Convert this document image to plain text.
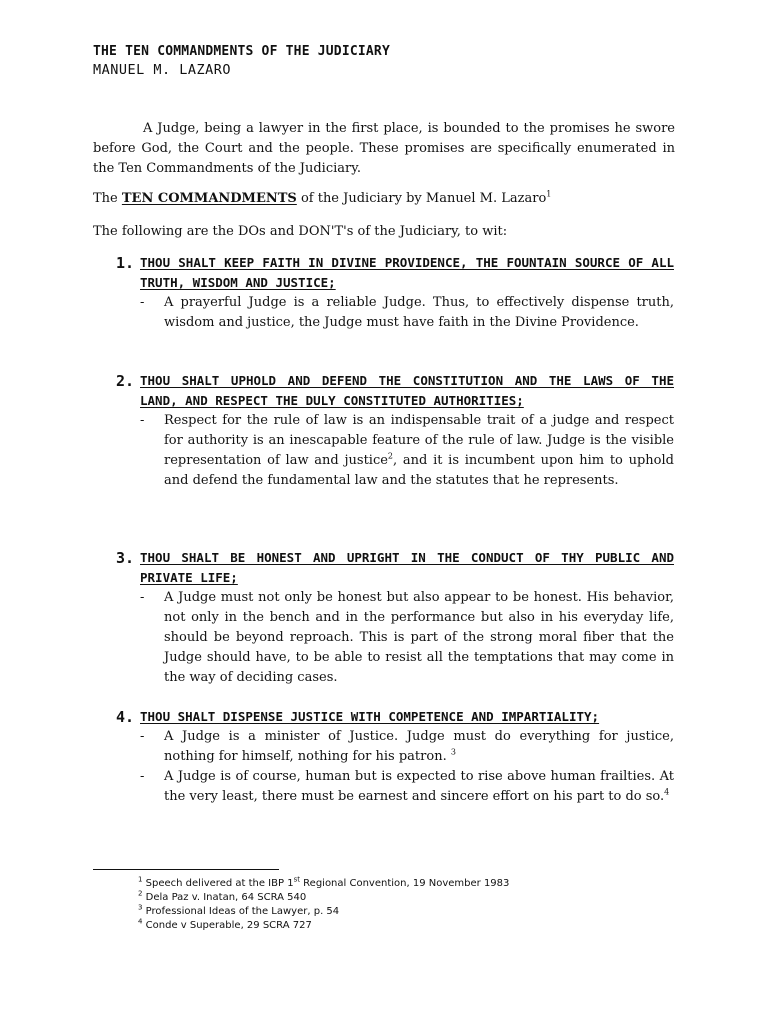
THE TEN COMMANDMENTS OF THE JUDICIARY
MANUEL M. LAZARO
A Judge, being a lawyer in the first place, is bounded to the promises he swore before God, the Court and the people. These promises are specifically enumerated in the Ten Commandments of the Judiciary.
The TEN COMMANDMENTS of the Judiciary by Manuel M. Lazaro$^1$
The following are the DOs and DON'T's of the Judiciary, to wit:
1. THOU SHALT KEEP FAITH IN DIVINE PROVIDENCE, THE FOUNTAIN SOURCE OF ALL TRUTH, WISDOM AND JUSTICE;
-	A prayerful Judge is a reliable Judge. Thus, to effectively dispense truth, wisdom and justice, the Judge must have faith in the Divine Providence.
2. THOU SHALT UPHOLD AND DEFEND THE CONSTITUTION AND THE LAWS OF THE LAND, AND RESPECT THE DULY CONSTITUTED AUTHORITIES;
-	Respect for the rule of law is an indispensable trait of a judge and respect for authority is an inescapable feature of the rule of law. Judge is the visible representation of law and justice$^2$, and it is incumbent upon him to uphold and defend the fundamental law and the statutes that he represents.
3. THOU SHALT BE HONEST AND UPRIGHT IN THE CONDUCT OF THY PUBLIC AND PRIVATE LIFE;
-	A Judge must not only be honest but also appear to be honest. His behavior, not only in the bench and in the performance but also in his everyday life, should be beyond reproach. This is part of the strong moral fiber that the Judge should have, to be able to resist all the temptations that may come in the way of deciding cases.
4. THOU SHALT DISPENSE JUSTICE WITH COMPETENCE AND IMPARTIALITY;
-	A Judge is a minister of Justice. Judge must do everything for justice, nothing for himself, nothing for his patron. $^3$
-	A Judge is of course, human but is expected to rise above human frailties. At the very least, there must be earnest and sincere effort on his part to do so.$^4$
$^1$ Speech delivered at the IBP 1st Regional Convention, 19 November 1983
$^2$ Dela Paz v. Inatan, 64 SCRA 540
$^3$ Professional Ideas of the Lawyer, p. 54
$^4$ Conde v Superable, 29 SCRA 727
